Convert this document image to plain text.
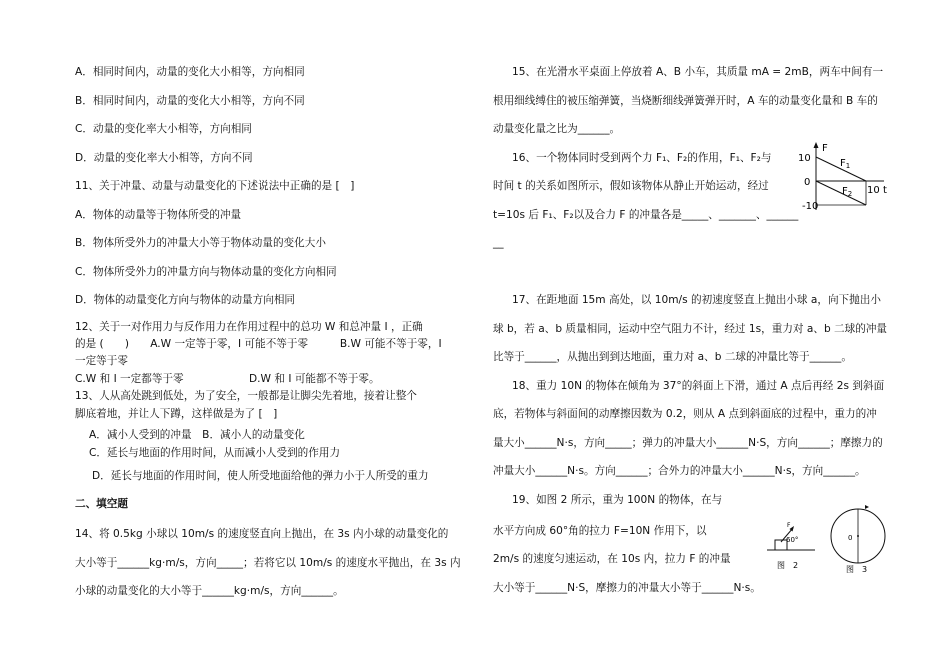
A．相同时间内，动量的变化大小相等，方向相同
B．相同时间内，动量的变化大小相等，方向不同
C．动量的变化率大小相等，方向相同
D．动量的变化率大小相等，方向不同
11、关于冲量、动量与动量变化的下述说法中正确的是 [　]
A．物体的动量等于物体所受的冲量
B．物体所受外力的冲量大小等于物体动量的变化大小
C．物体所受外力的冲量方向与物体动量的变化方向相同
D．物体的动量变化方向与物体的动量方向相同
12、关于一对作用力与反作用力在作用过程中的总功 W 和总冲量 I ，正确
的是 (　　)　　A.W 一定等于零，I 可能不等于零　　　B.W 可能不等于零，I
一定等于零
C.W 和 I 一定都等于零	D.W 和 I 可能都不等于零。
13、人从高处跳到低处，为了安全，一般都是让脚尖先着地，接着让整个
脚底着地，并让人下蹲，这样做是为了 [　]
A．减小人受到的冲量　B．减小人的动量变化
C．延长与地面的作用时间，从而减小人受到的作用力
D．延长与地面的作用时间，使人所受地面给他的弹力小于人所受的重力
二、填空题
14、将 0.5kg 小球以 10m/s 的速度竖直向上抛出，在 3s 内小球的动量变化的
大小等于______kg·m/s，方向_____；若将它以 10m/s 的速度水平抛出，在 3s 内
小球的动量变化的大小等于______kg·m/s，方向______。
15、在光滑水平桌面上停放着 A、B 小车，其质量 mA = 2mB，两车中间有一
根用细线缚住的被压缩弹簧，当烧断细线弹簧弹开时，A 车的动量变化量和 B 车的
动量变化量之比为______。
16、一个物体同时受到两个力 F₁、F₂的作用，F₁、F₂与
时间 t 的关系如图所示，假如该物体从静止开始运动，经过
t=10s 后 F₁、F₂以及合力 F 的冲量各是_____、_______、______
__
F
10
0
-10
10 t
$F_1$
$F_2$
17、在距地面 15m 高处，以 10m/s 的初速度竖直上抛出小球 a，向下抛出小
球 b，若 a、b 质量相同，运动中空气阻力不计，经过 1s，重力对 a、b 二球的冲量
比等于______，从抛出到到达地面，重力对 a、b 二球的冲量比等于______。
18、重力 10N 的物体在倾角为 37°的斜面上下滑，通过 A 点后再经 2s 到斜面
底，若物体与斜面间的动摩擦因数为 0.2，则从 A 点到斜面底的过程中，重力的冲
量大小______N·s，方向_____；弹力的冲量大小______N·S，方向______；摩擦力的
冲量大小______N·s。方向______；合外力的冲量大小______N·s，方向______。
19、如图 2 所示，重为 100N 的物体，在与
水平方向成 60°角的拉力 F=10N 作用下，以
2m/s 的速度匀速运动，在 10s 内，拉力 F 的冲量
大小等于______N·S，摩擦力的冲量大小等于______N·s。
F
60°
图　2
0
图　3
